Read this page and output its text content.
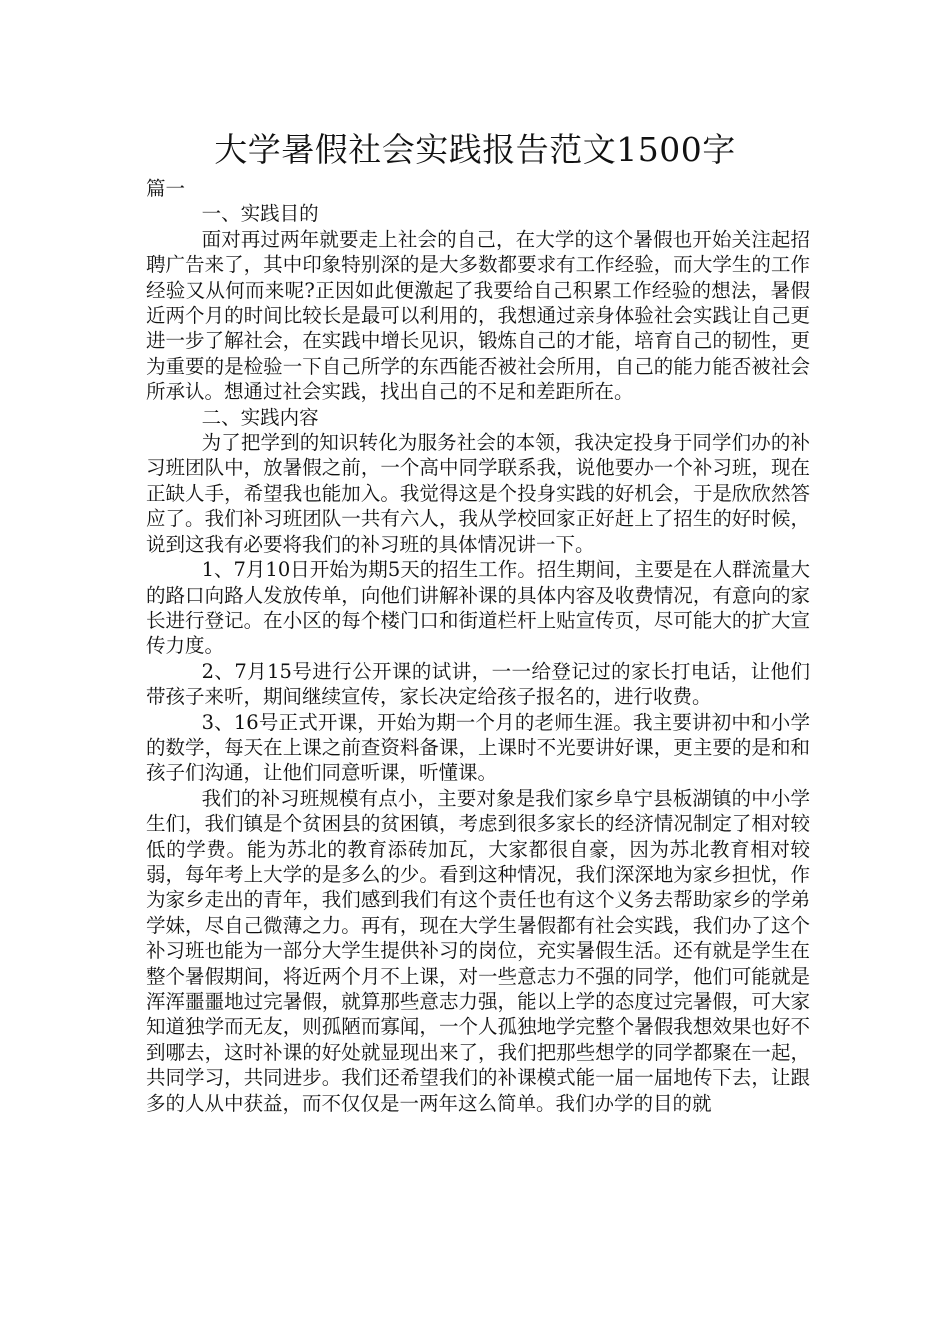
大学暑假社会实践报告范文1500字

篇一

一、实践目的

面对再过两年就要走上社会的自己，在大学的这个暑假也开始关注起招聘广告来了，其中印象特别深的是大多数都要求有工作经验，而大学生的工作经验又从何而来呢?正因如此便激起了我要给自己积累工作经验的想法，暑假近两个月的时间比较长是最可以利用的，我想通过亲身体验社会实践让自己更进一步了解社会，在实践中增长见识，锻炼自己的才能，培育自己的韧性，更为重要的是检验一下自己所学的东西能否被社会所用，自己的能力能否被社会所承认。想通过社会实践，找出自己的不足和差距所在。

二、实践内容

为了把学到的知识转化为服务社会的本领，我决定投身于同学们办的补习班团队中，放暑假之前，一个高中同学联系我，说他要办一个补习班，现在正缺人手，希望我也能加入。我觉得这是个投身实践的好机会，于是欣欣然答应了。我们补习班团队一共有六人，我从学校回家正好赶上了招生的好时候，说到这我有必要将我们的补习班的具体情况讲一下。

1、7月10日开始为期5天的招生工作。招生期间，主要是在人群流量大的路口向路人发放传单，向他们讲解补课的具体内容及收费情况，有意向的家长进行登记。在小区的每个楼门口和街道栏杆上贴宣传页，尽可能大的扩大宣传力度。

2、7月15号进行公开课的试讲，一一给登记过的家长打电话，让他们带孩子来听，期间继续宣传，家长决定给孩子报名的，进行收费。

3、16号正式开课，开始为期一个月的老师生涯。我主要讲初中和小学的数学，每天在上课之前查资料备课，上课时不光要讲好课，更主要的是和和孩子们沟通，让他们同意听课，听懂课。

我们的补习班规模有点小，主要对象是我们家乡阜宁县板湖镇的中小学生们，我们镇是个贫困县的贫困镇，考虑到很多家长的经济情况制定了相对较低的学费。能为苏北的教育添砖加瓦，大家都很自豪，因为苏北教育相对较弱，每年考上大学的是多么的少。看到这种情况，我们深深地为家乡担忧，作为家乡走出的青年，我们感到我们有这个责任也有这个义务去帮助家乡的学弟学妹，尽自己微薄之力。再有，现在大学生暑假都有社会实践，我们办了这个补习班也能为一部分大学生提供补习的岗位，充实暑假生活。还有就是学生在整个暑假期间，将近两个月不上课，对一些意志力不强的同学，他们可能就是浑浑噩噩地过完暑假，就算那些意志力强，能以上学的态度过完暑假，可大家知道独学而无友，则孤陋而寡闻，一个人孤独地学完整个暑假我想效果也好不到哪去，这时补课的好处就显现出来了，我们把那些想学的同学都聚在一起，共同学习，共同进步。我们还希望我们的补课模式能一届一届地传下去，让跟多的人从中获益，而不仅仅是一两年这么简单。我们办学的目的就
